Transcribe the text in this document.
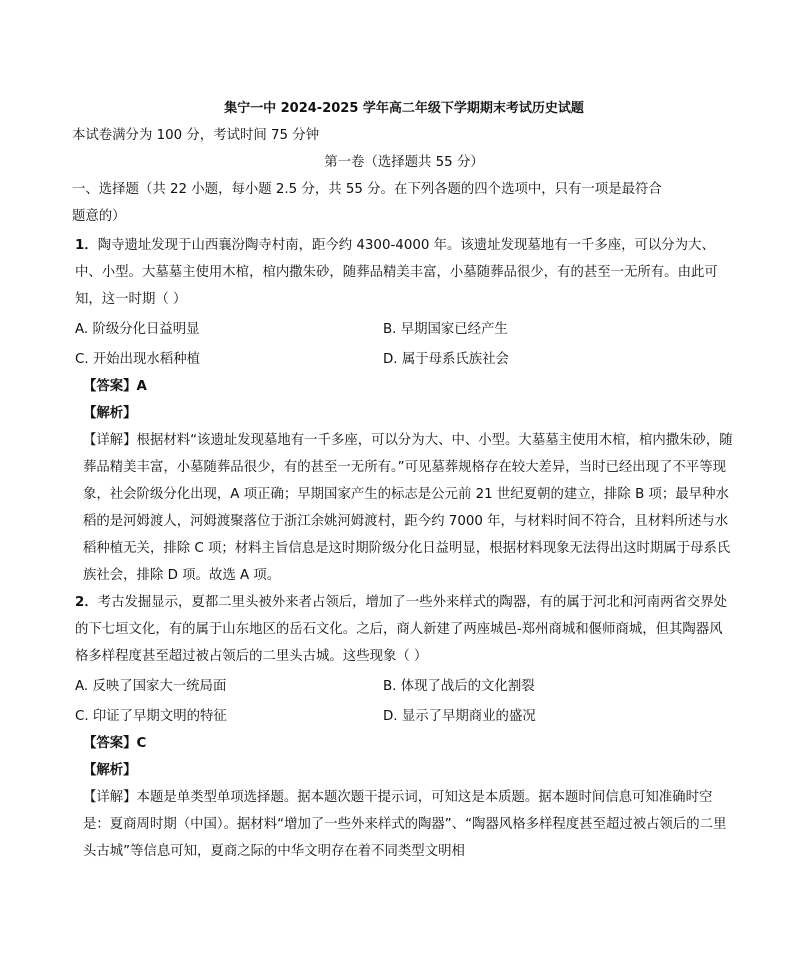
集宁一中 2024-2025 学年高二年级下学期期末考试历史试题

本试卷满分为 100 分，考试时间 75 分钟

第一卷（选择题共 55 分）

一、选择题（共 22 小题，每小题 2.5 分，共 55 分。在下列各题的四个选项中，只有一项是最符合题意的）

1．陶寺遗址发现于山西襄汾陶寺村南，距今约 4300-4000 年。该遗址发现墓地有一千多座，可以分为大、中、小型。大墓墓主使用木棺，棺内撒朱砂，随葬品精美丰富，小墓随葬品很少，有的甚至一无所有。由此可知，这一时期（ ）

A. 阶级分化日益明显	B. 早期国家已经产生
C. 开始出现水稻种植	D. 属于母系氏族社会

【答案】A

【解析】

【详解】根据材料“该遗址发现墓地有一千多座，可以分为大、中、小型。大墓墓主使用木棺，棺内撒朱砂，随葬品精美丰富，小墓随葬品很少，有的甚至一无所有。”可见墓葬规格存在较大差异，当时已经出现了不平等现象，社会阶级分化出现，A 项正确；早期国家产生的标志是公元前 21 世纪夏朝的建立，排除 B 项；最早种水稻的是河姆渡人，河姆渡聚落位于浙江余姚河姆渡村，距今约 7000 年，与材料时间不符合，且材料所述与水稻种植无关，排除 C 项；材料主旨信息是这时期阶级分化日益明显，根据材料现象无法得出这时期属于母系氏族社会，排除 D 项。故选 A 项。

2．考古发掘显示，夏都二里头被外来者占领后，增加了一些外来样式的陶器，有的属于河北和河南两省交界处的下七垣文化，有的属于山东地区的岳石文化。之后，商人新建了两座城邑-郑州商城和偃师商城，但其陶器风格多样程度甚至超过被占领后的二里头古城。这些现象（ ）

A. 反映了国家大一统局面	B. 体现了战后的文化割裂
C. 印证了早期文明的特征	D. 显示了早期商业的盛况

【答案】C

【解析】

【详解】本题是单类型单项选择题。据本题次题干提示词，可知这是本质题。据本题时间信息可知准确时空是：夏商周时期（中国）。据材料“增加了一些外来样式的陶器”、“陶器风格多样程度甚至超过被占领后的二里头古城”等信息可知，夏商之际的中华文明存在着不同类型文明相
